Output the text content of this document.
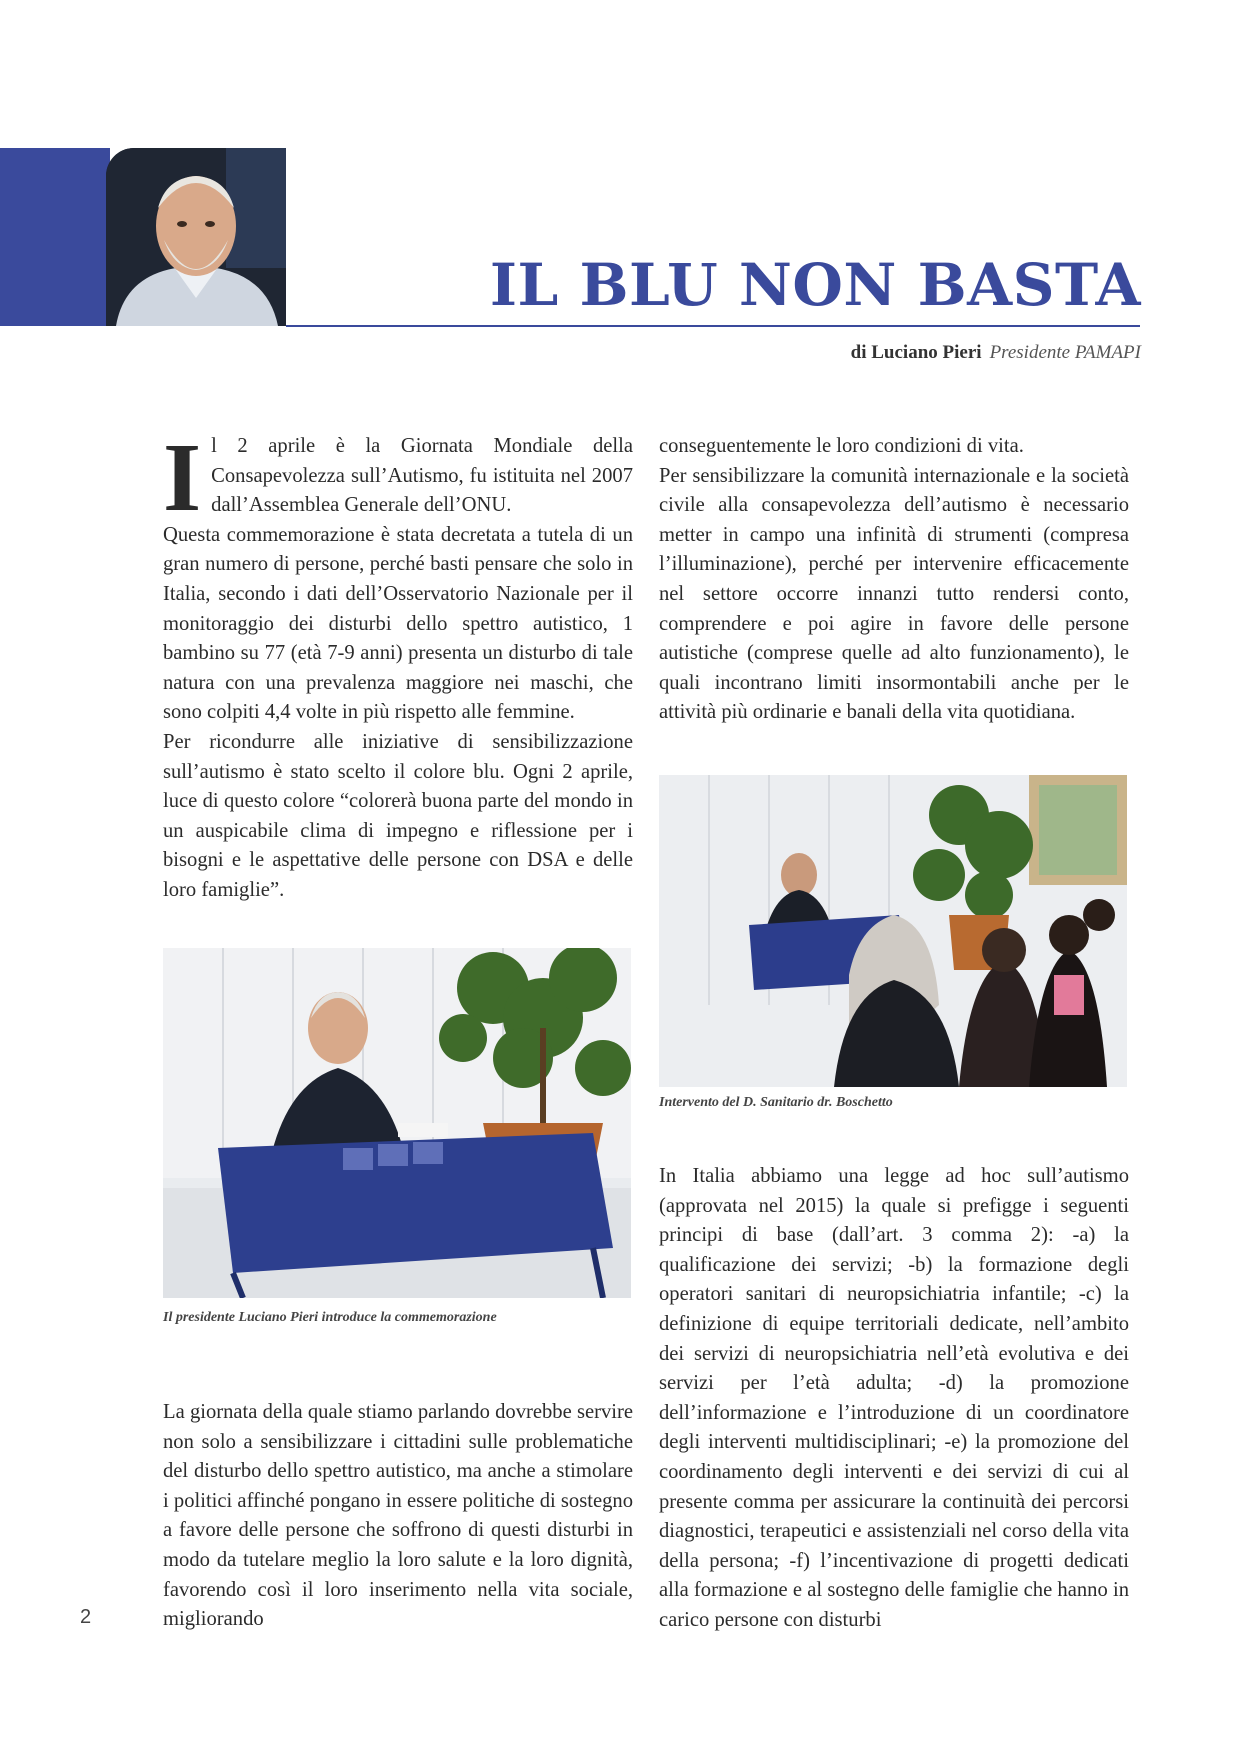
IL BLU NON BASTA
di Luciano Pieri Presidente PAMAPI
I l 2 aprile è la Giornata Mondiale della Consapevolezza sull’Autismo, fu istituita nel 2007 dall’Assemblea Generale dell’ONU.

Questa commemorazione è stata decretata a tutela di un gran numero di persone, perché basti pensare che solo in Italia, secondo i dati dell’Osservatorio Nazionale per il monitoraggio dei disturbi dello spettro autistico, 1 bambino su 77 (età 7-9 anni) presenta un disturbo di tale natura con una prevalenza maggiore nei maschi, che sono colpiti 4,4 volte in più rispetto alle femmine.

Per ricondurre alle iniziative di sensibilizzazione sull’autismo è stato scelto il colore blu. Ogni 2 aprile, luce di questo colore “colorerà buona parte del mondo in un auspicabile clima di impegno e riflessione per i bisogni e le aspettative delle persone con DSA e delle loro famiglie”.

Il presidente Luciano Pieri introduce la commemorazione

La giornata della quale stiamo parlando dovrebbe servire non solo a sensibilizzare i cittadini sulle problematiche del disturbo dello spettro autistico, ma anche a stimolare i politici affinché pongano in essere politiche di sostegno a favore delle persone che soffrono di questi disturbi in modo da tutelare meglio la loro salute e la loro dignità, favorendo così il loro inserimento nella vita sociale, migliorando

conseguentemente le loro condizioni di vita.

Per sensibilizzare la comunità internazionale e la società civile alla consapevolezza dell’autismo è necessario metter in campo una infinità di strumenti (compresa l’illuminazione), perché per intervenire efficacemente nel settore occorre innanzi tutto rendersi conto, comprendere e poi agire in favore delle persone autistiche (comprese quelle ad alto funzionamento), le quali incontrano limiti insormontabili anche per le attività più ordinarie e banali della vita quotidiana.

Intervento del D. Sanitario dr. Boschetto

In Italia abbiamo una legge ad hoc sull’autismo (approvata nel 2015) la quale si prefigge i seguenti principi di base (dall’art. 3 comma 2): -a) la qualificazione dei servizi; -b) la formazione degli operatori sanitari di neuropsichiatria infantile; -c) la definizione di equipe territoriali dedicate, nell’ambito dei servizi di neuropsichiatria nell’età evolutiva e dei servizi per l’età adulta; -d) la promozione dell’informazione e l’introduzione di un coordinatore degli interventi multidisciplinari; -e) la promozione del coordinamento degli interventi e dei servizi di cui al presente comma per assicurare la continuità dei percorsi diagnostici, terapeutici e assistenziali nel corso della vita della persona; -f) l’incentivazione di progetti dedicati alla formazione e al sostegno delle famiglie che hanno in carico persone con disturbi

2
